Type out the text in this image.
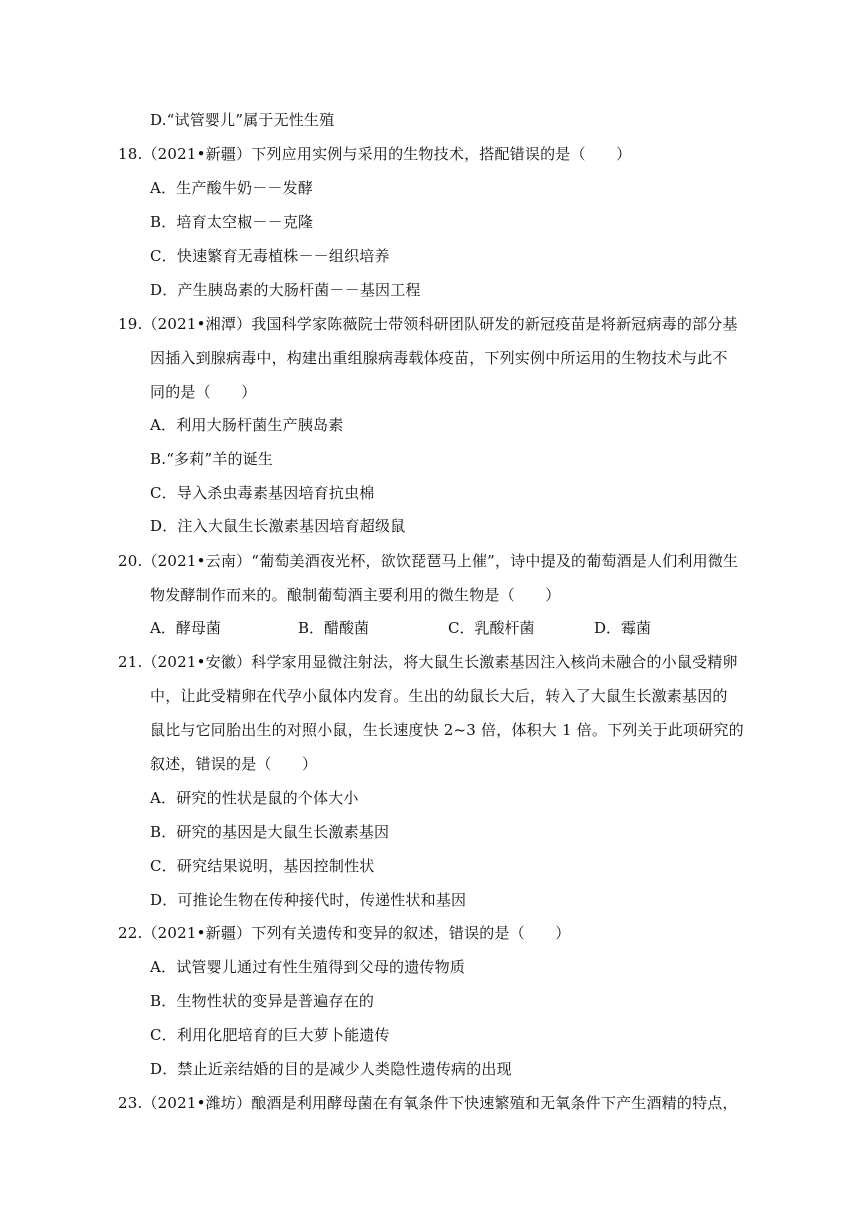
D.“试管婴儿”属于无性生殖
18.（2021•新疆）下列应用实例与采用的生物技术，搭配错误的是（　　）
A．生产酸牛奶－－发酵
B．培育太空椒－－克隆
C．快速繁育无毒植株－－组织培养
D．产生胰岛素的大肠杆菌－－基因工程
19.（2021•湘潭）我国科学家陈薇院士带领科研团队研发的新冠疫苗是将新冠病毒的部分基
因插入到腺病毒中，构建出重组腺病毒载体疫苗，下列实例中所运用的生物技术与此不
同的是（　　）
A．利用大肠杆菌生产胰岛素
B.“多莉”羊的诞生
C．导入杀虫毒素基因培育抗虫棉
D．注入大鼠生长激素基因培育超级鼠
20.（2021•云南）“葡萄美酒夜光杯，欲饮琵琶马上催”，诗中提及的葡萄酒是人们利用微生
物发酵制作而来的。酿制葡萄酒主要利用的微生物是（　　）
A．酵母菌	B．醋酸菌	C．乳酸杆菌	D．霉菌
21.（2021•安徽）科学家用显微注射法，将大鼠生长激素基因注入核尚未融合的小鼠受精卵
中，让此受精卵在代孕小鼠体内发育。生出的幼鼠长大后，转入了大鼠生长激素基因的
鼠比与它同胎出生的对照小鼠，生长速度快 2~3 倍，体积大 1 倍。下列关于此项研究的
叙述，错误的是（　　）
A．研究的性状是鼠的个体大小
B．研究的基因是大鼠生长激素基因
C．研究结果说明，基因控制性状
D．可推论生物在传种接代时，传递性状和基因
22.（2021•新疆）下列有关遗传和变异的叙述，错误的是（　　）
A．试管婴儿通过有性生殖得到父母的遗传物质
B．生物性状的变异是普遍存在的
C．利用化肥培育的巨大萝卜能遗传
D．禁止近亲结婚的目的是减少人类隐性遗传病的出现
23.（2021•潍坊）酿酒是利用酵母菌在有氧条件下快速繁殖和无氧条件下产生酒精的特点，
